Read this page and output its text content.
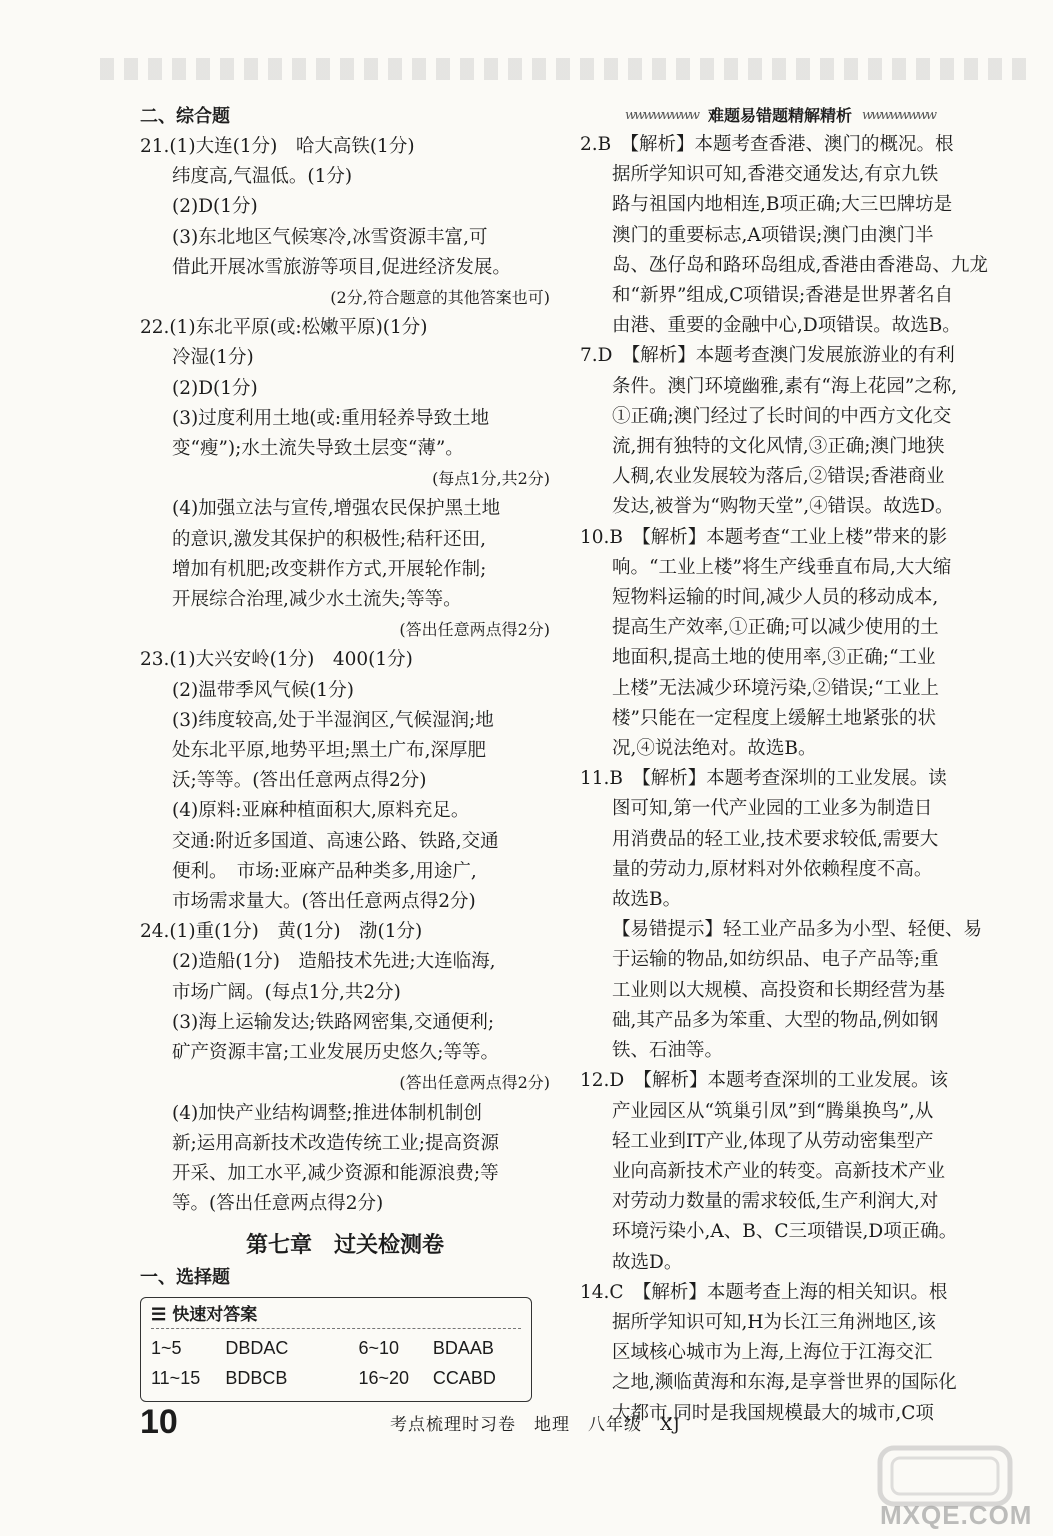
二、综合题
21.(1)大连(1分)　哈大高铁(1分)
纬度高,气温低。(1分)
(2)D(1分)
(3)东北地区气候寒冷,冰雪资源丰富,可
借此开展冰雪旅游等项目,促进经济发展。
(2分,符合题意的其他答案也可)
22.(1)东北平原(或:松嫩平原)(1分)
冷湿(1分)
(2)D(1分)
(3)过度利用土地(或:重用轻养导致土地
变“瘦”);水土流失导致土层变“薄”。
(每点1分,共2分)
(4)加强立法与宣传,增强农民保护黑土地
的意识,激发其保护的积极性;秸秆还田,
增加有机肥;改变耕作方式,开展轮作制;
开展综合治理,减少水土流失;等等。
(答出任意两点得2分)
23.(1)大兴安岭(1分)　400(1分)
(2)温带季风气候(1分)
(3)纬度较高,处于半湿润区,气候湿润;地
处东北平原,地势平坦;黑土广布,深厚肥
沃;等等。(答出任意两点得2分)
(4)原料:亚麻种植面积大,原料充足。
交通:附近多国道、高速公路、铁路,交通
便利。　市场:亚麻产品种类多,用途广,
市场需求量大。(答出任意两点得2分)
24.(1)重(1分)　黄(1分)　渤(1分)
(2)造船(1分)　造船技术先进;大连临海,
市场广阔。(每点1分,共2分)
(3)海上运输发达;铁路网密集,交通便利;
矿产资源丰富;工业发展历史悠久;等等。
(答出任意两点得2分)
(4)加快产业结构调整;推进体制机制创
新;运用高新技术改造传统工业;提高资源
开采、加工水平,减少资源和能源浪费;等
等。(答出任意两点得2分)
第七章　过关检测卷
一、选择题
☰ 快速对答案
1~5	DBDAC	6~10	BDAAB
11~15	BDBCB	16~20	CCABD
wwwwwwww 难题易错题精解精析 wwwwwwww
2.B　【解析】本题考查香港、澳门的概况。根
据所学知识可知,香港交通发达,有京九铁
路与祖国内地相连,B项正确;大三巴牌坊是
澳门的重要标志,A项错误;澳门由澳门半
岛、氹仔岛和路环岛组成,香港由香港岛、九龙
和“新界”组成,C项错误;香港是世界著名自
由港、重要的金融中心,D项错误。故选B。
7.D　【解析】本题考查澳门发展旅游业的有利
条件。澳门环境幽雅,素有“海上花园”之称,
①正确;澳门经过了长时间的中西方文化交
流,拥有独特的文化风情,③正确;澳门地狭
人稠,农业发展较为落后,②错误;香港商业
发达,被誉为“购物天堂”,④错误。故选D。
10.B　【解析】本题考查“工业上楼”带来的影
响。“工业上楼”将生产线垂直布局,大大缩
短物料运输的时间,减少人员的移动成本,
提高生产效率,①正确;可以减少使用的土
地面积,提高土地的使用率,③正确;“工业
上楼”无法减少环境污染,②错误;“工业上
楼”只能在一定程度上缓解土地紧张的状
况,④说法绝对。故选B。
11.B　【解析】本题考查深圳的工业发展。读
图可知,第一代产业园的工业多为制造日
用消费品的轻工业,技术要求较低,需要大
量的劳动力,原材料对外依赖程度不高。
故选B。
【易错提示】轻工业产品多为小型、轻便、易
于运输的物品,如纺织品、电子产品等;重
工业则以大规模、高投资和长期经营为基
础,其产品多为笨重、大型的物品,例如钢
铁、石油等。
12.D　【解析】本题考查深圳的工业发展。该
产业园区从“筑巢引凤”到“腾巢换鸟”,从
轻工业到IT产业,体现了从劳动密集型产
业向高新技术产业的转变。高新技术产业
对劳动力数量的需求较低,生产利润大,对
环境污染小,A、B、C三项错误,D项正确。
故选D。
14.C　【解析】本题考查上海的相关知识。根
据所学知识可知,H为长江三角洲地区,该
区域核心城市为上海,上海位于江海交汇
之地,濒临黄海和东海,是享誉世界的国际化
大都市,同时是我国规模最大的城市,C项
10	考点梳理时习卷　地理　八年级　XJ
MXQE.COM
